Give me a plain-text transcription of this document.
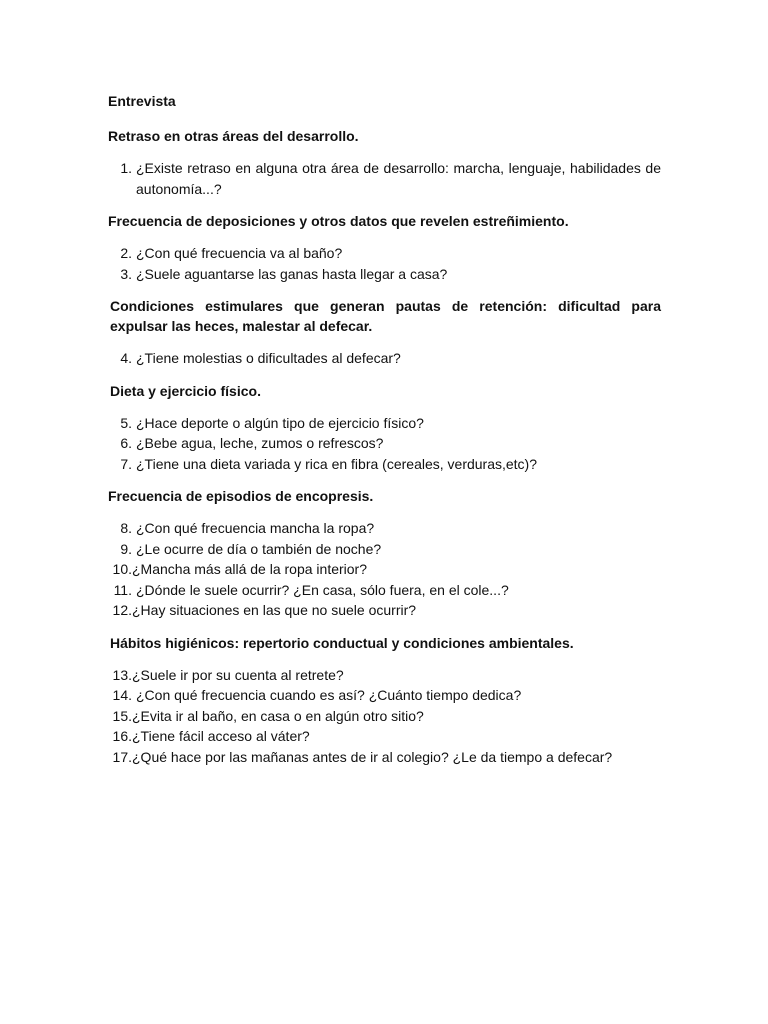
Entrevista
Retraso en otras áreas del desarrollo.
1. ¿Existe retraso en alguna otra área de desarrollo: marcha, lenguaje, habilidades de autonomía...?
Frecuencia de deposiciones y otros datos que revelen estreñimiento.
2. ¿Con qué frecuencia va al baño?
3. ¿Suele aguantarse las ganas hasta llegar a casa?
Condiciones estimulares que generan pautas de retención: dificultad para expulsar las heces, malestar al defecar.
4. ¿Tiene molestias o dificultades al defecar?
Dieta y ejercicio físico.
5. ¿Hace deporte o algún tipo de ejercicio físico?
6. ¿Bebe agua, leche, zumos o refrescos?
7. ¿Tiene una dieta variada y rica en fibra (cereales, verduras,etc)?
Frecuencia de episodios de encopresis.
8. ¿Con qué frecuencia mancha la ropa?
9. ¿Le ocurre de día o también de noche?
10. ¿Mancha más allá de la ropa interior?
11. ¿Dónde le suele ocurrir? ¿En casa, sólo fuera, en el cole...?
12. ¿Hay situaciones en las que no suele ocurrir?
Hábitos higiénicos: repertorio conductual y condiciones ambientales.
13. ¿Suele ir por su cuenta al retrete?
14. ¿Con qué frecuencia cuando es así? ¿Cuánto tiempo dedica?
15. ¿Evita ir al baño, en casa o en algún otro sitio?
16. ¿Tiene fácil acceso al váter?
17. ¿Qué hace por las mañanas antes de ir al colegio? ¿Le da tiempo a defecar?
